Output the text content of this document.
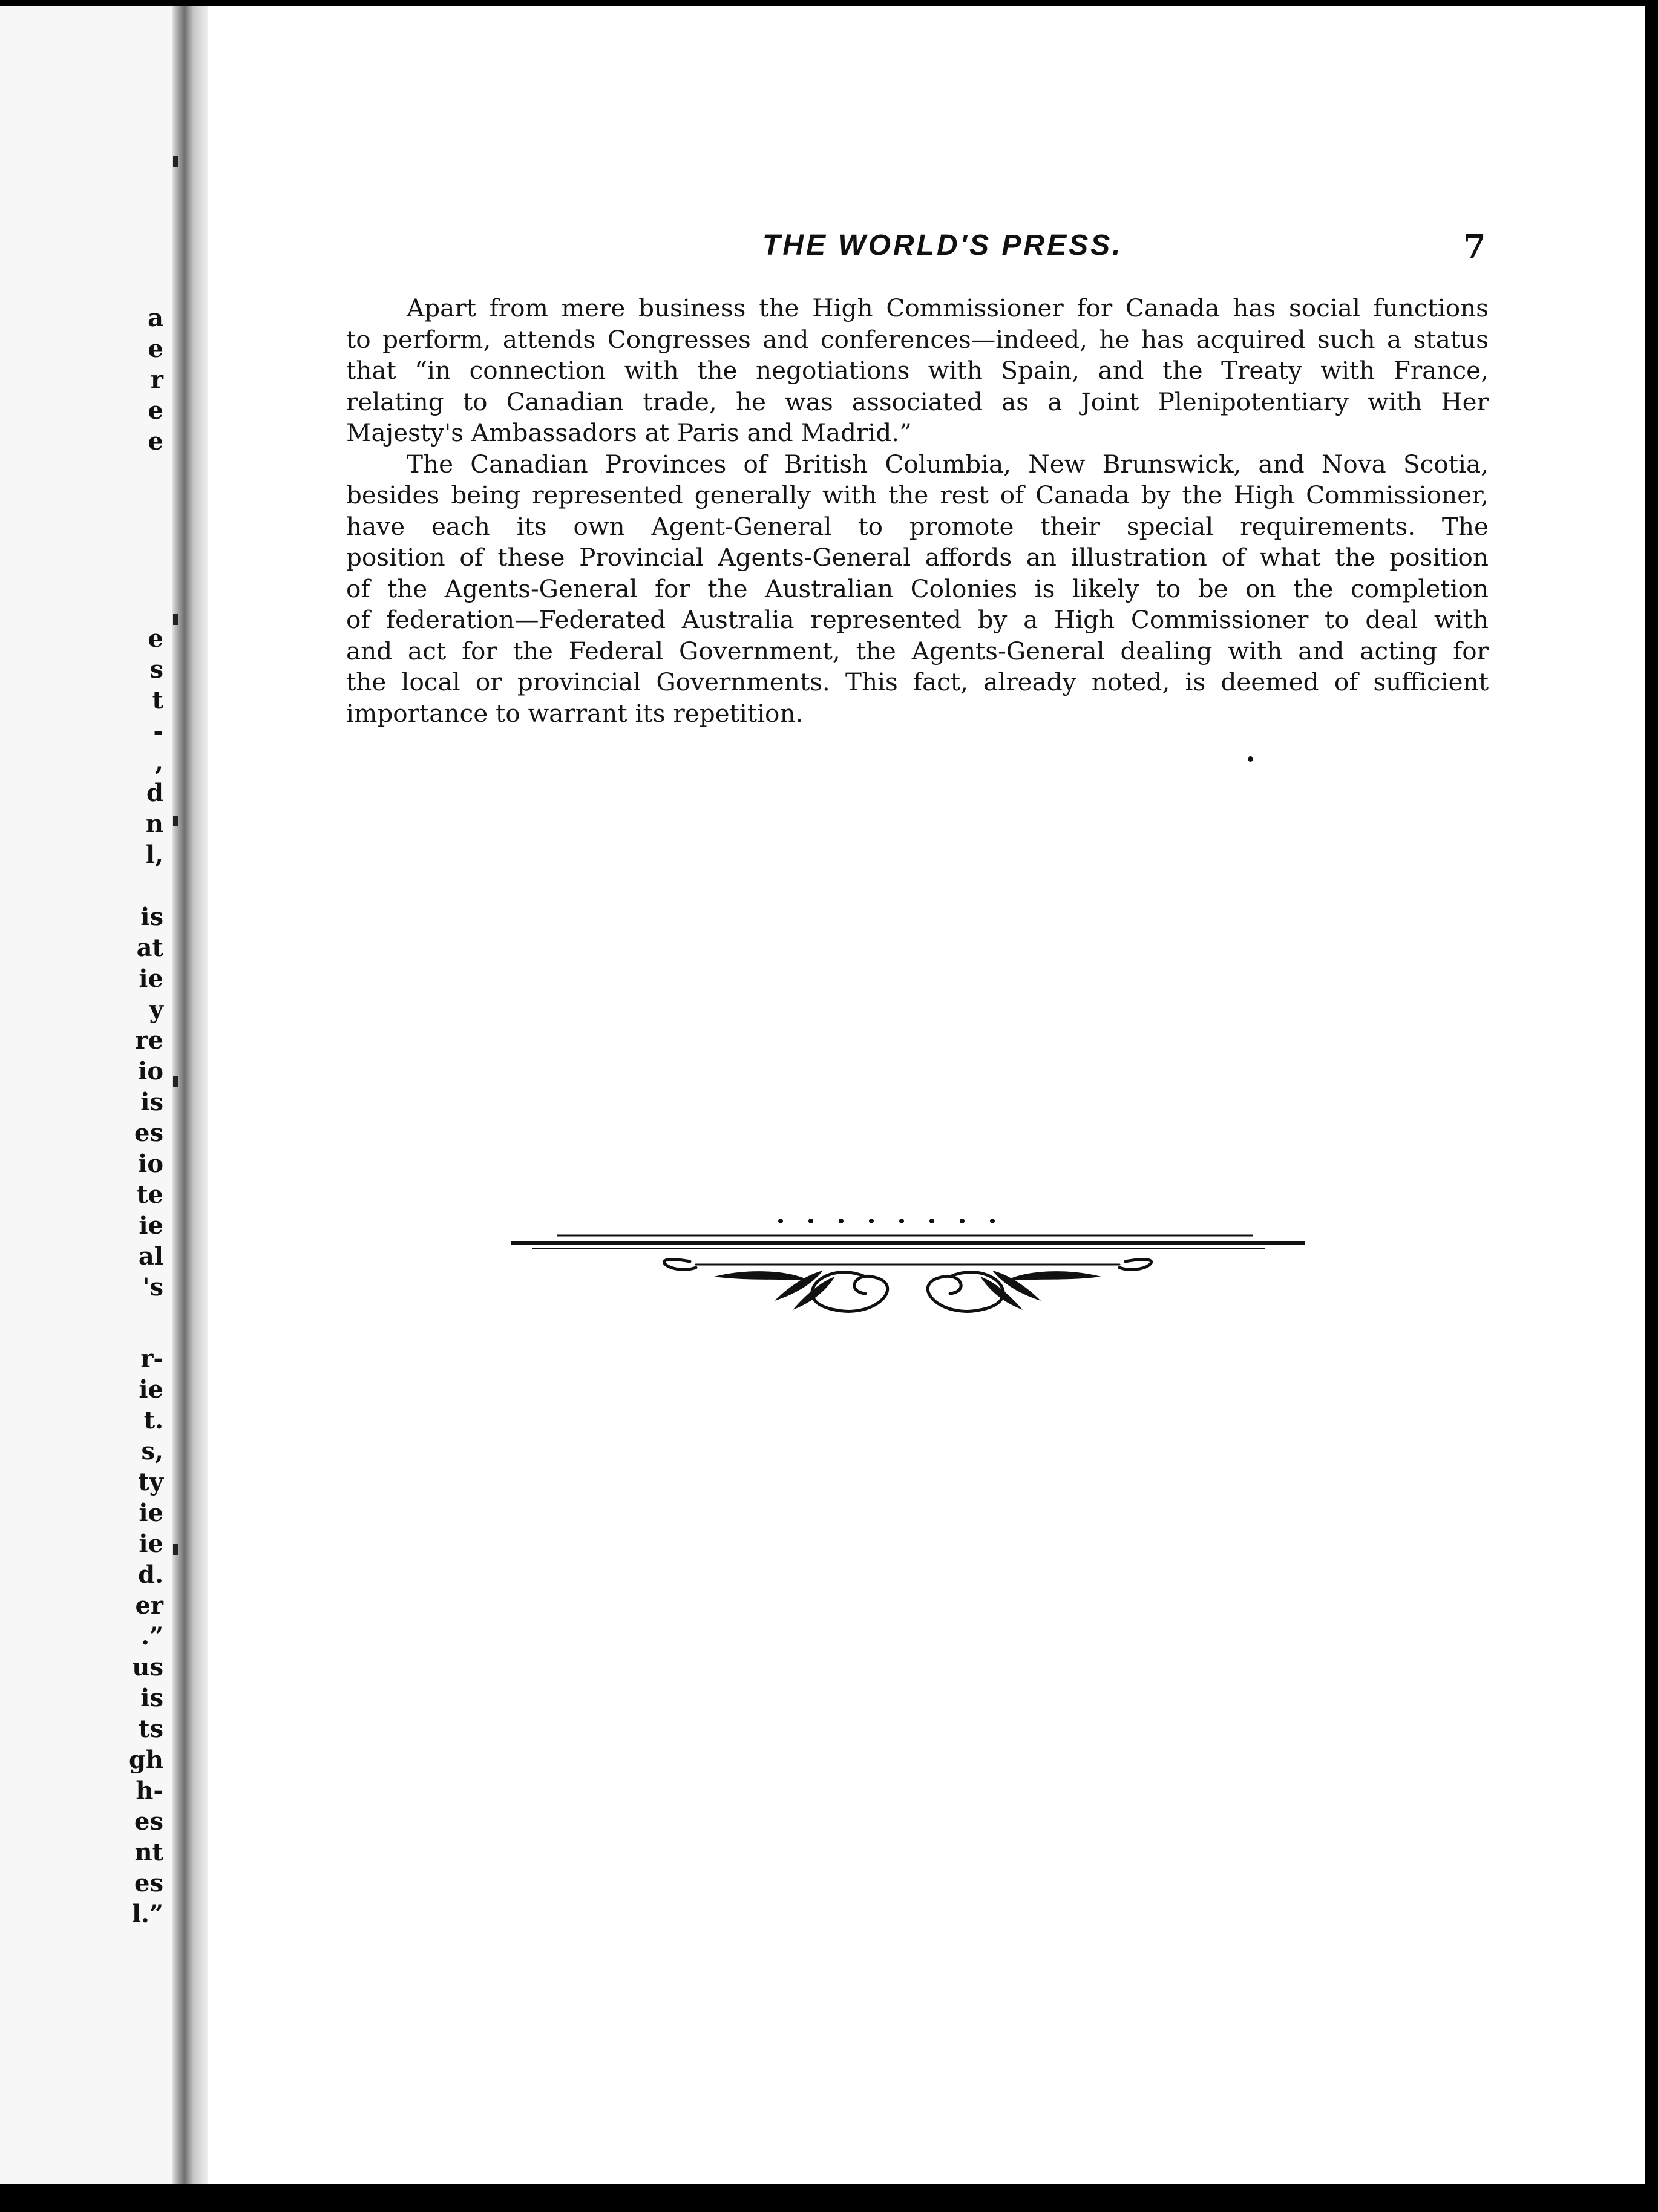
a
e
r
e
e
e
s
t
-
,
d
n
l,
is
at
ie
y
re
io
is
es
io
te
ie
al
's
r-
ie
t.
s,
ty
ie
ie
d.
er
.”
us
is
ts
gh
h-
es
nt
es
l.”
THE WORLD'S PRESS.	7
Apart from mere business the High Commissioner for Canada has social functions
to perform, attends Congresses and conferences—indeed, he has acquired such a status
that “in connection with the negotiations with Spain, and the Treaty with France,
relating to Canadian trade, he was associated as a Joint Plenipotentiary with Her
Majesty's Ambassadors at Paris and Madrid.”
The Canadian Provinces of British Columbia, New Brunswick, and Nova Scotia,
besides being represented generally with the rest of Canada by the High Commissioner,
have each its own Agent-General to promote their special requirements. The
position of these Provincial Agents-General affords an illustration of what the position
of the Agents-General for the Australian Colonies is likely to be on the completion
of federation—Federated Australia represented by a High Commissioner to deal with
and act for the Federal Government, the Agents-General dealing with and acting for
the local or provincial Governments. This fact, already noted, is deemed of sufficient
importance to warrant its repetition.
